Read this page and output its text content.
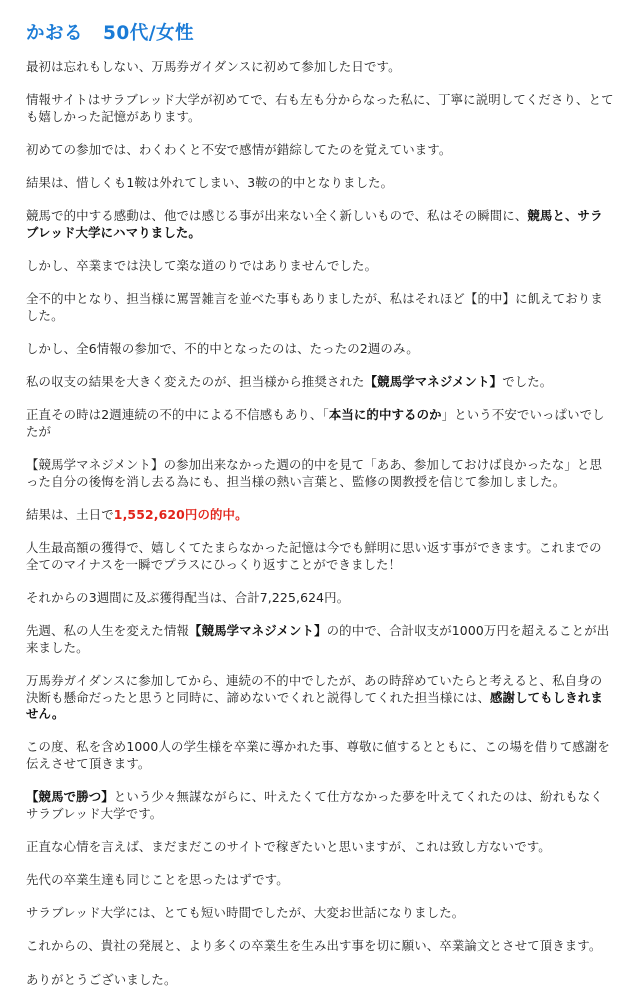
かおる 50代/女性

最初は忘れもしない、万馬券ガイダンスに初めて参加した日です。

情報サイトはサラブレッド大学が初めてで、右も左も分からなった私に、丁寧に説明してくださり、とても嬉しかった記憶があります。

初めての参加では、わくわくと不安で感情が錯綜してたのを覚えています。

結果は、惜しくも1鞍は外れてしまい、3鞍の的中となりました。

競馬で的中する感動は、他では感じる事が出来ない全く新しいもので、私はその瞬間に、競馬と、サラブレッド大学にハマりました。

しかし、卒業までは決して楽な道のりではありませんでした。

全不的中となり、担当様に罵詈雑言を並べた事もありましたが、私はそれほど【的中】に飢えておりました。

しかし、全6情報の参加で、不的中となったのは、たったの2週のみ。

私の収支の結果を大きく変えたのが、担当様から推奨された【競馬学マネジメント】でした。

正直その時は2週連続の不的中による不信感もあり、「本当に的中するのか」という不安でいっぱいでしたが

【競馬学マネジメント】の参加出来なかった週の的中を見て「ああ、参加しておけば良かったな」と思った自分の後悔を消し去る為にも、担当様の熱い言葉と、監修の関教授を信じて参加しました。

結果は、土日で1,552,620円の的中。

人生最高額の獲得で、嬉しくてたまらなかった記憶は今でも鮮明に思い返す事ができます。これまでの全てのマイナスを一瞬でプラスにひっくり返すことができました！

それからの3週間に及ぶ獲得配当は、合計7,225,624円。

先週、私の人生を変えた情報【競馬学マネジメント】の的中で、合計収支が1000万円を超えることが出来ました。

万馬券ガイダンスに参加してから、連続の不的中でしたが、あの時辞めていたらと考えると、私自身の決断も懸命だったと思うと同時に、諦めないでくれと説得してくれた担当様には、感謝してもしきれません。

この度、私を含め1000人の学生様を卒業に導かれた事、尊敬に値するとともに、この場を借りて感謝を伝えさせて頂きます。

【競馬で勝つ】という少々無謀ながらに、叶えたくて仕方なかった夢を叶えてくれたのは、紛れもなくサラブレッド大学です。

正直な心情を言えば、まだまだこのサイトで稼ぎたいと思いますが、これは致し方ないです。

先代の卒業生達も同じことを思ったはずです。

サラブレッド大学には、とても短い時間でしたが、大変お世話になりました。

これからの、貴社の発展と、より多くの卒業生を生み出す事を切に願い、卒業論文とさせて頂きます。

ありがとうございました。
